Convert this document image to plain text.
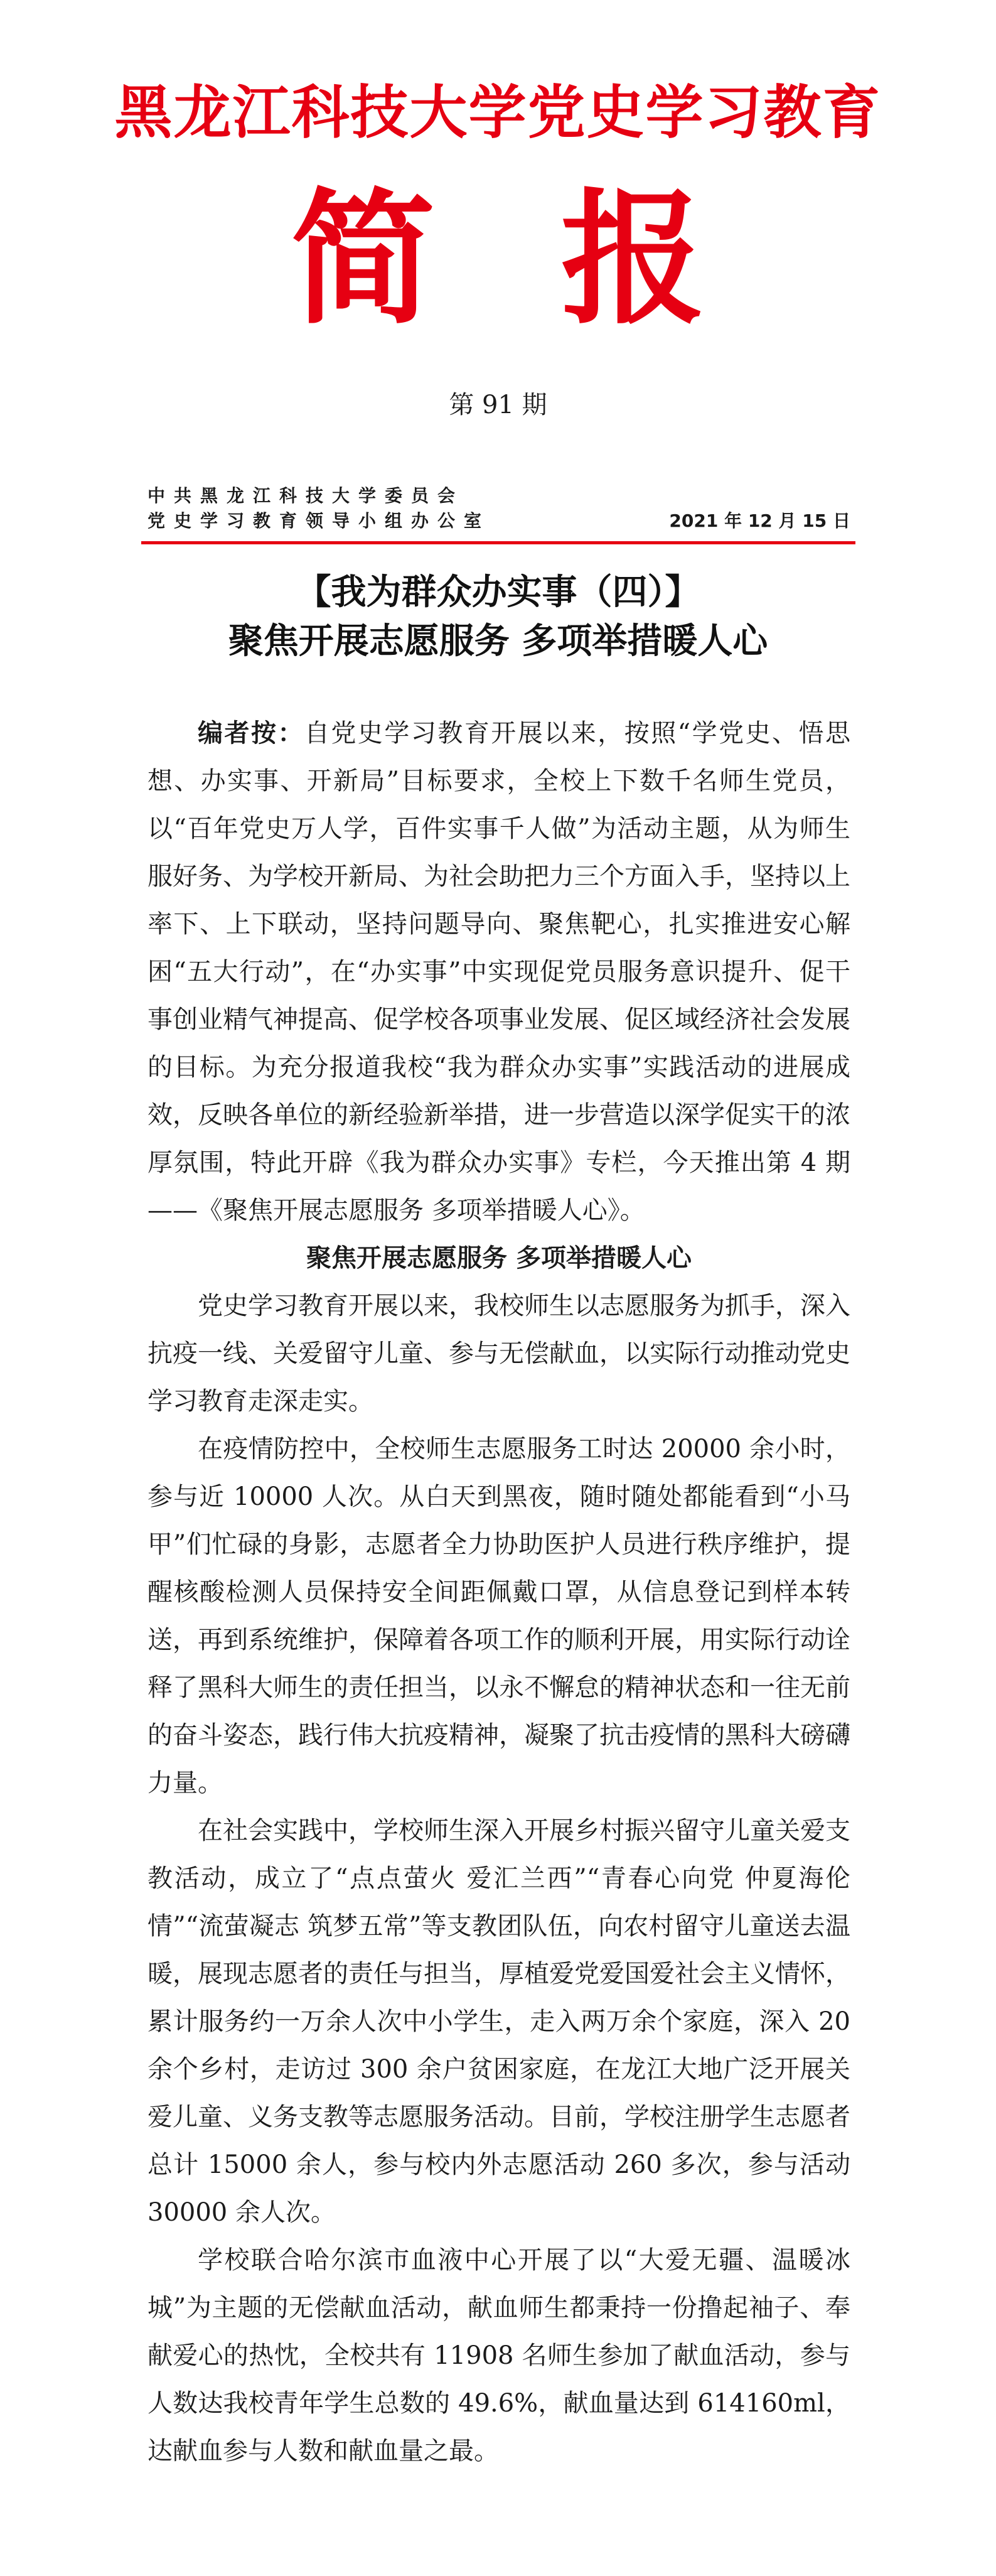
黑龙江科技大学党史学习教育
简 报
第 91 期
中共黑龙江科技大学委员会
党史学习教育领导小组办公室	2021 年 12 月 15 日
【我为群众办实事（四）】
聚焦开展志愿服务 多项举措暖人心

编者按：自党史学习教育开展以来，按照“学党史、悟思想、办实事、开新局”目标要求，全校上下数千名师生党员，以“百年党史万人学，百件实事千人做”为活动主题，从为师生服好务、为学校开新局、为社会助把力三个方面入手，坚持以上率下、上下联动，坚持问题导向、聚焦靶心，扎实推进安心解困“五大行动”，在“办实事”中实现促党员服务意识提升、促干事创业精气神提高、促学校各项事业发展、促区域经济社会发展的目标。为充分报道我校“我为群众办实事”实践活动的进展成效，反映各单位的新经验新举措，进一步营造以深学促实干的浓厚氛围，特此开辟《我为群众办实事》专栏，今天推出第 4 期——《聚焦开展志愿服务 多项举措暖人心》。

聚焦开展志愿服务 多项举措暖人心

党史学习教育开展以来，我校师生以志愿服务为抓手，深入抗疫一线、关爱留守儿童、参与无偿献血，以实际行动推动党史学习教育走深走实。

在疫情防控中，全校师生志愿服务工时达 20000 余小时，参与近 10000 人次。从白天到黑夜，随时随处都能看到“小马甲”们忙碌的身影，志愿者全力协助医护人员进行秩序维护，提醒核酸检测人员保持安全间距佩戴口罩，从信息登记到样本转送，再到系统维护，保障着各项工作的顺利开展，用实际行动诠释了黑科大师生的责任担当，以永不懈怠的精神状态和一往无前的奋斗姿态，践行伟大抗疫精神，凝聚了抗击疫情的黑科大磅礴力量。

在社会实践中，学校师生深入开展乡村振兴留守儿童关爱支教活动，成立了“点点萤火 爱汇兰西”“青春心向党 仲夏海伦情”“流萤凝志 筑梦五常”等支教团队伍，向农村留守儿童送去温暖，展现志愿者的责任与担当，厚植爱党爱国爱社会主义情怀，累计服务约一万余人次中小学生，走入两万余个家庭，深入 20 余个乡村，走访过 300 余户贫困家庭，在龙江大地广泛开展关爱儿童、义务支教等志愿服务活动。目前，学校注册学生志愿者总计 15000 余人，参与校内外志愿活动 260 多次，参与活动 30000 余人次。

学校联合哈尔滨市血液中心开展了以“大爱无疆、温暖冰城”为主题的无偿献血活动，献血师生都秉持一份撸起袖子、奉献爱心的热忱，全校共有 11908 名师生参加了献血活动，参与人数达我校青年学生总数的 49.6%，献血量达到 614160ml，达献血参与人数和献血量之最。
